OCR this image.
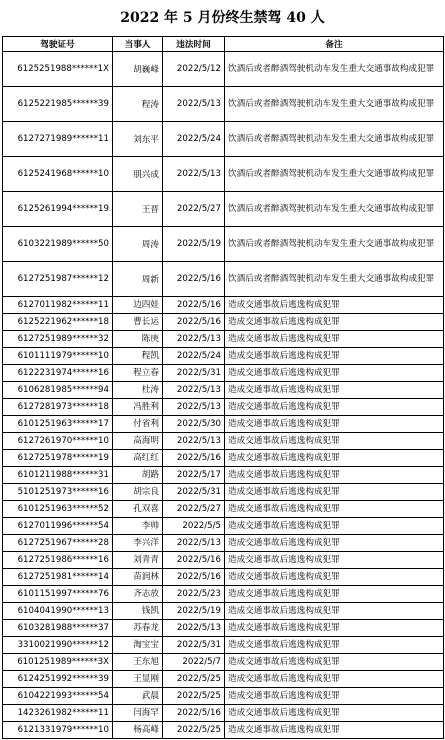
2022 年 5 月份终生禁驾 40 人
驾驶证号	当事人	违法时间	备注
6125251988******1X	胡巍峰	2022/5/12	饮酒后或者醉酒驾驶机动车发生重大交通事故构成犯罪
6125221985******39	程涛	2022/5/13	饮酒后或者醉酒驾驶机动车发生重大交通事故构成犯罪
6127271989******11	刘东平	2022/5/24	饮酒后或者醉酒驾驶机动车发生重大交通事故构成犯罪
6125241968******10	朋兴成	2022/5/13	饮酒后或者醉酒驾驶机动车发生重大交通事故构成犯罪
6125261994******19	王晋	2022/5/27	饮酒后或者醉酒驾驶机动车发生重大交通事故构成犯罪
6103221989******50	周涛	2022/5/19	饮酒后或者醉酒驾驶机动车发生重大交通事故构成犯罪
6127251987******12	周新	2022/5/16	饮酒后或者醉酒驾驶机动车发生重大交通事故构成犯罪
6127011982******11	边四娃	2022/5/16	造成交通事故后逃逸构成犯罪
6125221962******18	曹长运	2022/5/16	造成交通事故后逃逸构成犯罪
6127251989******32	陈庚	2022/5/13	造成交通事故后逃逸构成犯罪
6101111979******10	程凯	2022/5/24	造成交通事故后逃逸构成犯罪
6122231974******16	程立春	2022/5/31	造成交通事故后逃逸构成犯罪
6106281985******94	杜涛	2022/5/13	造成交通事故后逃逸构成犯罪
6127281973******18	冯胜利	2022/5/13	造成交通事故后逃逸构成犯罪
6101251963******17	付省利	2022/5/30	造成交通事故后逃逸构成犯罪
6127261970******10	高海明	2022/5/13	造成交通事故后逃逸构成犯罪
6127251978******19	高红红	2022/5/16	造成交通事故后逃逸构成犯罪
6101211988******31	胡路	2022/5/17	造成交通事故后逃逸构成犯罪
5101251973******16	胡宗良	2022/5/31	造成交通事故后逃逸构成犯罪
6101251963******52	孔双喜	2022/5/27	造成交通事故后逃逸构成犯罪
6127011996******54	李帅	2022/5/5	造成交通事故后逃逸构成犯罪
6127251967******28	李兴洋	2022/5/13	造成交通事故后逃逸构成犯罪
6127251986******16	刘青青	2022/5/16	造成交通事故后逃逸构成犯罪
6127251981******14	苗润林	2022/5/16	造成交通事故后逃逸构成犯罪
6101151997******76	齐志放	2022/5/23	造成交通事故后逃逸构成犯罪
6104041990******13	钱凯	2022/5/19	造成交通事故后逃逸构成犯罪
6103281988******37	苏春龙	2022/5/13	造成交通事故后逃逸构成犯罪
3310021990******12	淘宝宝	2022/5/31	造成交通事故后逃逸构成犯罪
6101251989******3X	王东旭	2022/5/7	造成交通事故后逃逸构成犯罪
6124251992******39	王显刚	2022/5/25	造成交通事故后逃逸构成犯罪
6104221993******54	武晨	2022/5/25	造成交通事故后逃逸构成犯罪
1423261982******11	闫海罕	2022/5/16	造成交通事故后逃逸构成犯罪
6121331979******10	杨高峰	2022/5/25	造成交通事故后逃逸构成犯罪
